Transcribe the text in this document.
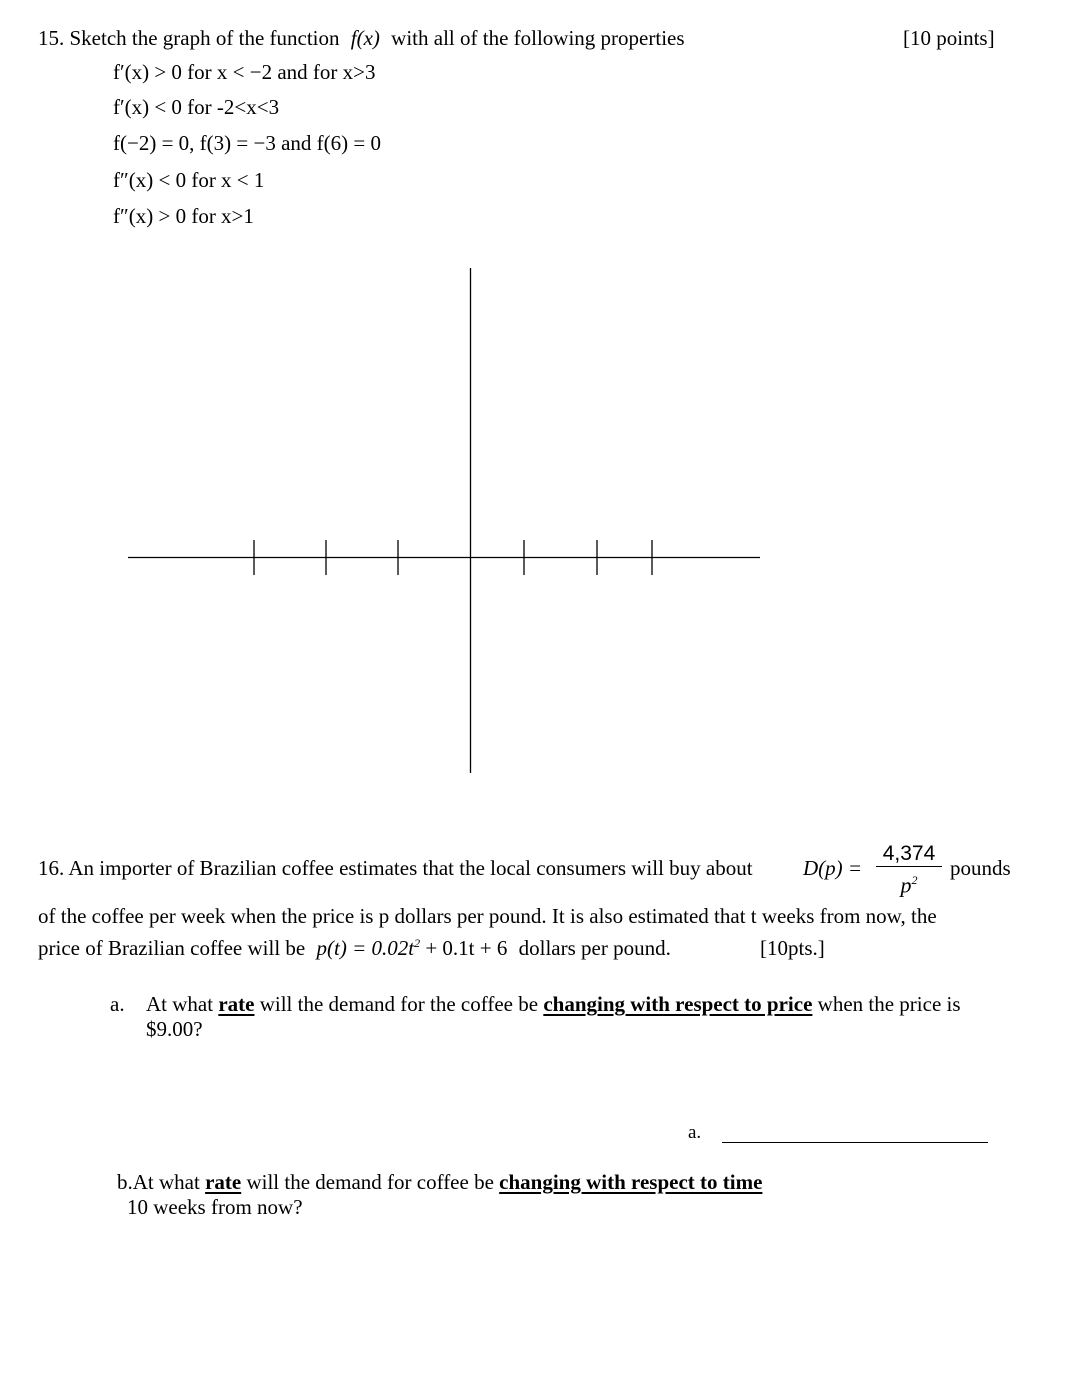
15. Sketch the graph of the function f(x) with all of the following properties	[10 points]
f′(x) > 0 for x < −2 and for x>3
f′(x) < 0 for -2<x<3
f(−2) = 0, f(3) = −3 and f(6) = 0
f″(x) < 0 for x < 1
f″(x) > 0 for x>1
16. An importer of Brazilian coffee estimates that the local consumers will buy about D(p) =
4,374
$p^2$	pounds
of the coffee per week when the price is p dollars per pound. It is also estimated that t weeks from now, the
price of Brazilian coffee will be $p(t) = 0.02t^2 + 0.1t + 6$ dollars per pound.	[10pts.]
a. At what rate will the demand for the coffee be changing with respect to price when the price is
$9.00?
a.
b.At what rate will the demand for coffee be changing with respect to time
10 weeks from now?
